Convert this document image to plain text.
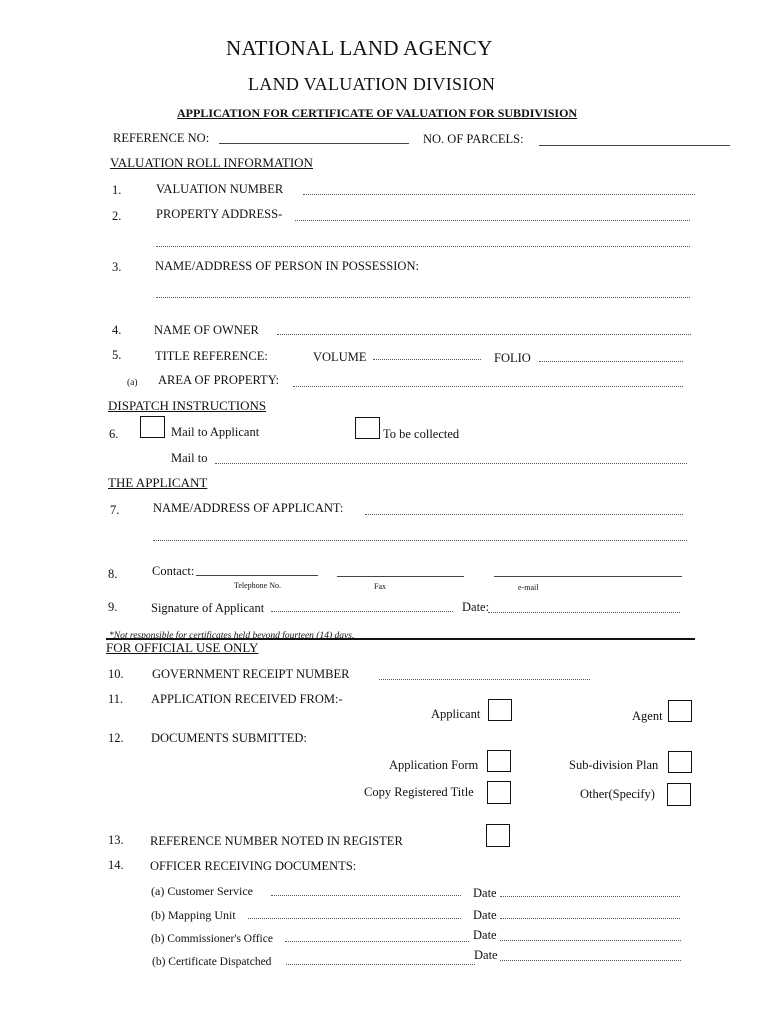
NATIONAL LAND AGENCY
LAND VALUATION DIVISION
APPLICATION FOR CERTIFICATE OF VALUATION FOR SUBDIVISION
REFERENCE NO:	NO. OF PARCELS:
VALUATION ROLL INFORMATION
1.	VALUATION NUMBER
2.	PROPERTY ADDRESS-
3.	NAME/ADDRESS OF PERSON IN POSSESSION:
4.	NAME OF OWNER
5.	TITLE REFERENCE:	VOLUME	FOLIO
(a) AREA OF PROPERTY:
DISPATCH INSTRUCTIONS
6.	Mail to Applicant	To be collected
Mail to
THE APPLICANT
7.	NAME/ADDRESS OF APPLICANT:
8.	Contact:
Telephone No.	Fax	e-mail
9.	Signature of Applicant	Date:
*Not responsible for certificates held beyond fourteen (14) days,
FOR OFFICIAL USE ONLY
10. GOVERNMENT RECEIPT NUMBER
11. APPLICATION RECEIVED FROM:-
Applicant	Agent
12. DOCUMENTS SUBMITTED:
Application Form	Sub-division Plan
Copy Registered Title	Other(Specify)
13. REFERENCE NUMBER NOTED IN REGISTER
14. OFFICER RECEIVING DOCUMENTS:
(a) Customer Service	Date
(b) Mapping Unit	Date
(b) Commissioner's Office	Date
(b) Certificate Dispatched	Date
